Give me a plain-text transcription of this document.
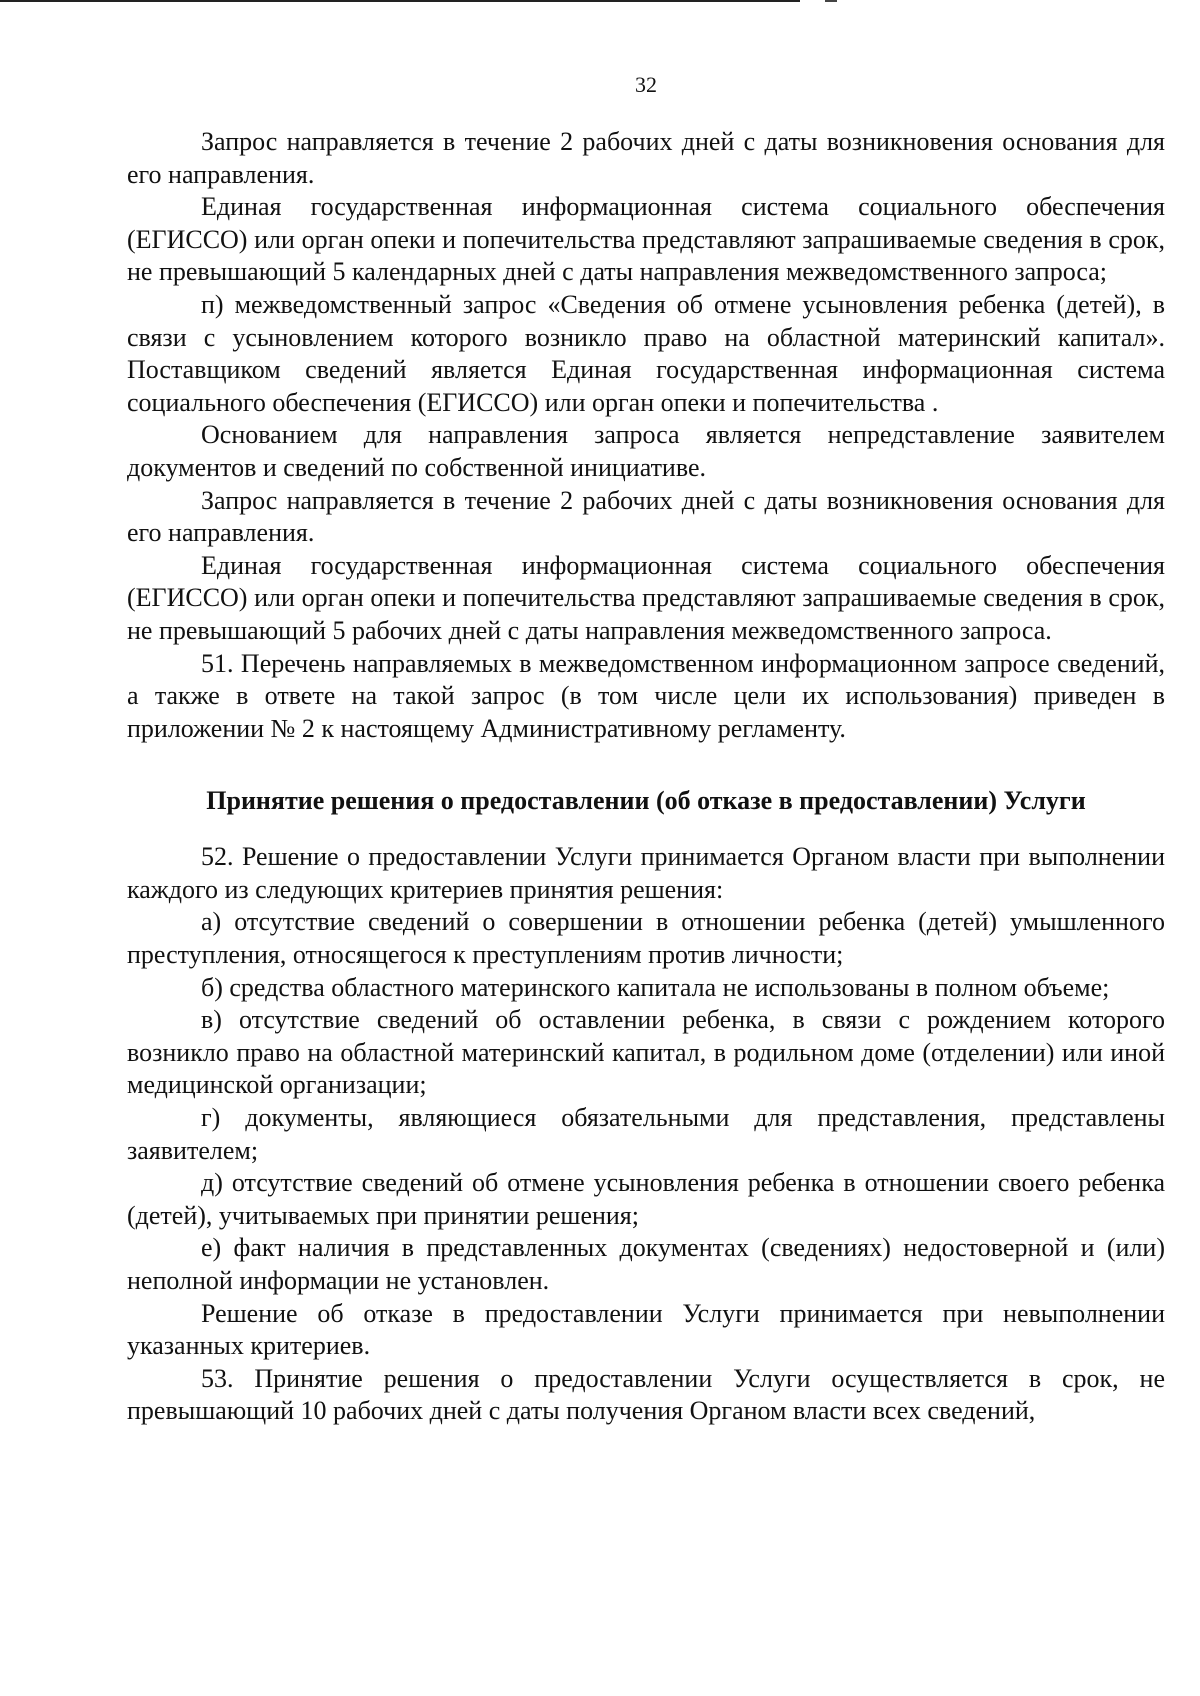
32

Запрос направляется в течение 2 рабочих дней с даты возникновения основания для его направления.

Единая государственная информационная система социального обеспечения (ЕГИССО) или орган опеки и попечительства представляют запрашиваемые сведения в срок, не превышающий 5 календарных дней с даты направления межведомственного запроса;

п) межведомственный запрос «Сведения об отмене усыновления ребенка (детей), в связи с усыновлением которого возникло право на областной материнский капитал». Поставщиком сведений является Единая государственная информационная система социального обеспечения (ЕГИССО) или орган опеки и попечительства .

Основанием для направления запроса является непредставление заявителем документов и сведений по собственной инициативе.

Запрос направляется в течение 2 рабочих дней с даты возникновения основания для его направления.

Единая государственная информационная система социального обеспечения (ЕГИССО) или орган опеки и попечительства представляют запрашиваемые сведения в срок, не превышающий 5 рабочих дней с даты направления межведомственного запроса.

51. Перечень направляемых в межведомственном информационном запросе сведений, а также в ответе на такой запрос (в том числе цели их использования) приведен в приложении № 2 к настоящему Административному регламенту.

Принятие решения о предоставлении (об отказе в предоставлении) Услуги

52. Решение о предоставлении Услуги принимается Органом власти при выполнении каждого из следующих критериев принятия решения:

а) отсутствие сведений о совершении в отношении ребенка (детей) умышленного преступления, относящегося к преступлениям против личности;

б) средства областного материнского капитала не использованы в полном объеме;

в) отсутствие сведений об оставлении ребенка, в связи с рождением которого возникло право на областной материнский капитал, в родильном доме (отделении) или иной медицинской организации;

г) документы, являющиеся обязательными для представления, представлены заявителем;

д) отсутствие сведений об отмене усыновления ребенка в отношении своего ребенка (детей), учитываемых при принятии решения;

е) факт наличия в представленных документах (сведениях) недостоверной и (или) неполной информации не установлен.

Решение об отказе в предоставлении Услуги принимается при невыполнении указанных критериев.

53. Принятие решения о предоставлении Услуги осуществляется в срок, не превышающий 10 рабочих дней с даты получения Органом власти всех сведений,
